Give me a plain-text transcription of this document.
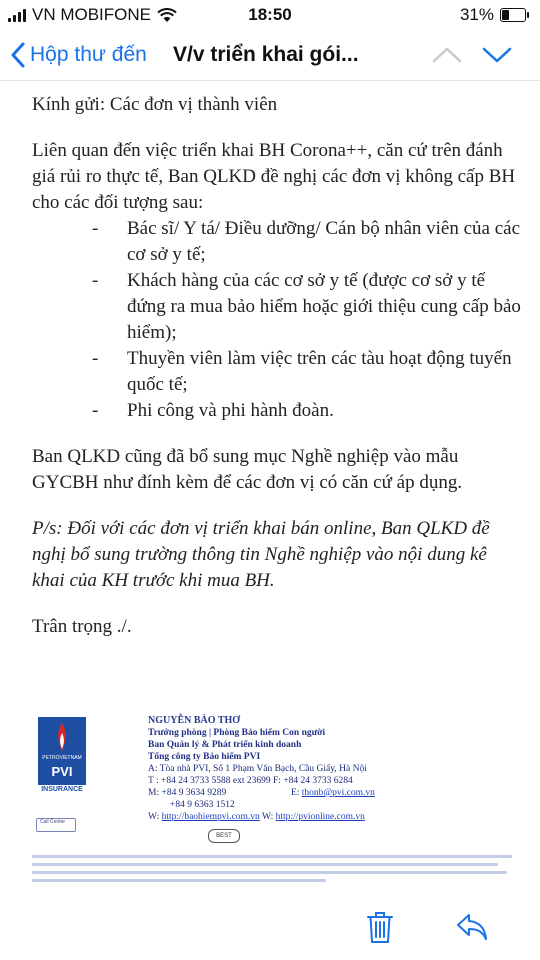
VN MOBIFONE	18:50	31%
Hộp thư đến V/v triển khai gói...

Kính gửi: Các đơn vị thành viên

Liên quan đến việc triển khai BH Corona++, căn cứ trên đánh giá rủi ro thực tế, Ban QLKD đề nghị các đơn vị không cấp BH cho các đối tượng sau:

- Bác sĩ/ Y tá/ Điều dưỡng/ Cán bộ nhân viên của các cơ sở y tế;
- Khách hàng của các cơ sở y tế (được cơ sở y tế đứng ra mua bảo hiểm hoặc giới thiệu cung cấp bảo hiểm);
- Thuyền viên làm việc trên các tàu hoạt động tuyến quốc tế;
- Phi công và phi hành đoàn.

Ban QLKD cũng đã bổ sung mục Nghề nghiệp vào mẫu GYCBH như đính kèm để các đơn vị có căn cứ áp dụng.

P/s: Đối với các đơn vị triển khai bán online, Ban QLKD đề nghị bổ sung trường thông tin Nghề nghiệp vào nội dung kê khai của KH trước khi mua BH.

Trân trọng ./.

PETROVIETNAM
PVI
INSURANCE
NGUYỄN BẢO THƠ
Trưởng phòng | Phòng Bảo hiểm Con người
Ban Quản lý & Phát triển kinh doanh
Tổng công ty Bảo hiểm PVI
A: Tòa nhà PVI, Số 1 Phạm Văn Bạch, Cầu Giấy, Hà Nội
T : +84 24 3733 5588 ext 23699 F: +84 24 3733 6284
M: +84 9 3634 9289	E: thonb@pvi.com.vn
+84 9 6363 1512
W: http://baohiempvi.com.vn W: http://pvionline.com.vn
Call Center
BEST
